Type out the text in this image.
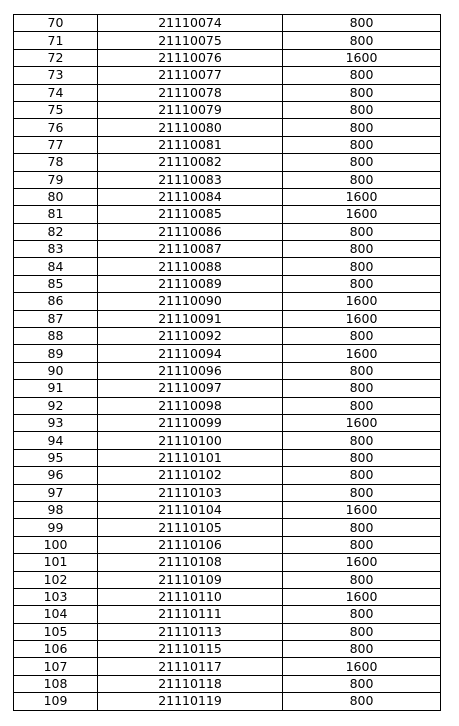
70	21110074	800
71	21110075	800
72	21110076	1600
73	21110077	800
74	21110078	800
75	21110079	800
76	21110080	800
77	21110081	800
78	21110082	800
79	21110083	800
80	21110084	1600
81	21110085	1600
82	21110086	800
83	21110087	800
84	21110088	800
85	21110089	800
86	21110090	1600
87	21110091	1600
88	21110092	800
89	21110094	1600
90	21110096	800
91	21110097	800
92	21110098	800
93	21110099	1600
94	21110100	800
95	21110101	800
96	21110102	800
97	21110103	800
98	21110104	1600
99	21110105	800
100	21110106	800
101	21110108	1600
102	21110109	800
103	21110110	1600
104	21110111	800
105	21110113	800
106	21110115	800
107	21110117	1600
108	21110118	800
109	21110119	800
